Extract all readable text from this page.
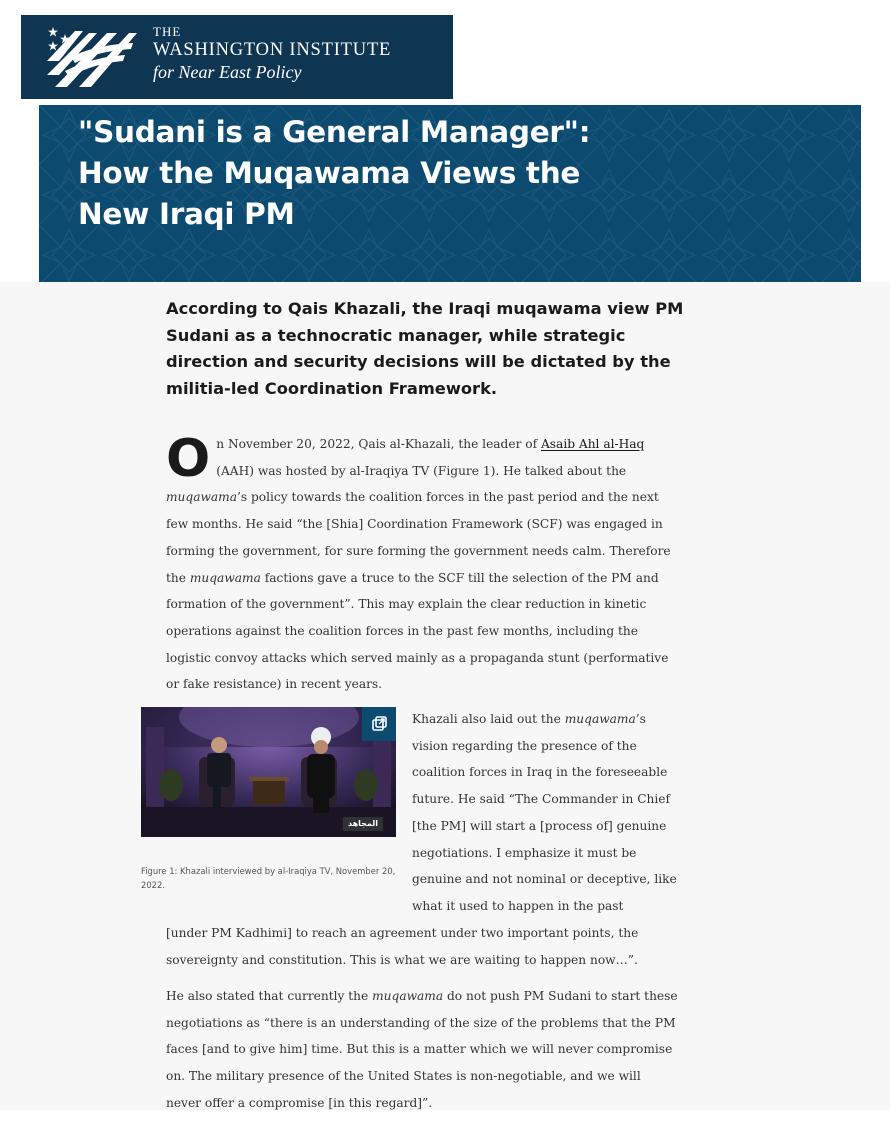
THE
WASHINGTON INSTITUTE
for Near East Policy
"Sudani is a General Manager": How the Muqawama Views the New Iraqi PM

According to Qais Khazali, the Iraqi muqawama view PM Sudani as a technocratic manager, while strategic direction and security decisions will be dictated by the militia-led Coordination Framework.

On November 20, 2022, Qais al-Khazali, the leader of Asaib Ahl al-Haq (AAH) was hosted by al-Iraqiya TV (Figure 1). He talked about the muqawama’s policy towards the coalition forces in the past period and the next few months. He said “the [Shia] Coordination Framework (SCF) was engaged in forming the government, for sure forming the government needs calm. Therefore the muqawama factions gave a truce to the SCF till the selection of the PM and formation of the government”. This may explain the clear reduction in kinetic operations against the coalition forces in the past few months, including the logistic convoy attacks which served mainly as a propaganda stunt (performative or fake resistance) in recent years.

المجاهد

Figure 1: Khazali interviewed by al-Iraqiya TV, November 20, 2022.

Khazali also laid out the muqawama’s vision regarding the presence of the coalition forces in Iraq in the foreseeable future. He said “The Commander in Chief [the PM] will start a [process of] genuine negotiations. I emphasize it must be genuine and not nominal or deceptive, like what it used to happen in the past

[under PM Kadhimi] to reach an agreement under two important points, the sovereignty and constitution. This is what we are waiting to happen now…”.

He also stated that currently the muqawama do not push PM Sudani to start these negotiations as “there is an understanding of the size of the problems that the PM faces [and to give him] time. But this is a matter which we will never compromise on. The military presence of the United States is non-negotiable, and we will never offer a compromise [in this regard]”.
